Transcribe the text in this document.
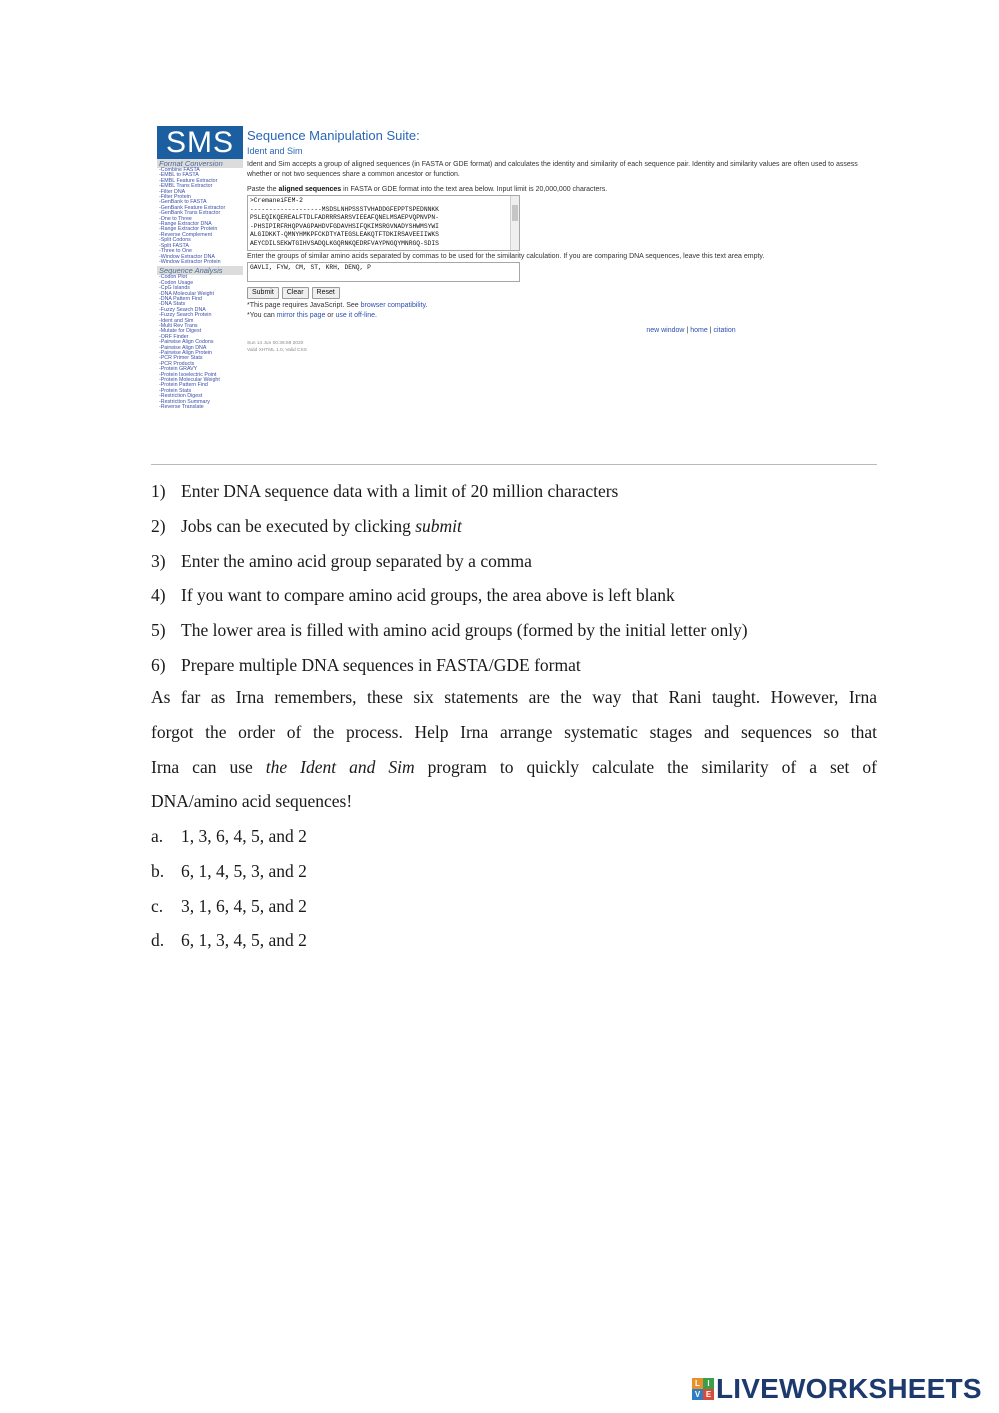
SMS
Format Conversion
-Combine FASTA
-EMBL to FASTA
-EMBL Feature Extractor
-EMBL Trans Extractor
-Filter DNA
-Filter Protein
-GenBank to FASTA
-GenBank Feature Extractor
-GenBank Trans Extractor
-One to Three
-Range Extractor DNA
-Range Extractor Protein
-Reverse Complement
-Split Codons
-Split FASTA
-Three to One
-Window Extractor DNA
-Window Extractor Protein
Sequence Analysis
-Codon Plot
-Codon Usage
-CpG Islands
-DNA Molecular Weight
-DNA Pattern Find
-DNA Stats
-Fuzzy Search DNA
-Fuzzy Search Protein
-Ident and Sim
-Multi Rev Trans
-Mutate for Digest
-ORF Finder
-Pairwise Align Codons
-Pairwise Align DNA
-Pairwise Align Protein
-PCR Primer Stats
-PCR Products
-Protein GRAVY
-Protein Isoelectric Point
-Protein Molecular Weight
-Protein Pattern Find
-Protein Stats
-Restriction Digest
-Restriction Summary
-Reverse Translate
Sequence Manipulation Suite:
Ident and Sim
Ident and Sim accepts a group of aligned sequences (in FASTA or GDE format) and calculates the identity and similarity of each sequence pair. Identity and similarity values are often used to assess whether or not two sequences share a common ancestor or function.
Paste the aligned sequences in FASTA or GDE format into the text area below. Input limit is 20,000,000 characters.
>CremaneiFEM-2
-------------------MSDSLNHPSSSTVHADDGFEPPTSPEDNNKK
PSLEQIKQEREALFTDLFADRRRSARSVIEEAFQNELMSAEPVQPNVPN-
-PHSIPIRFRHQPVAGPAHDVFGDAVHSIFQKIMSRGVNADYSHWMSYWI
ALGIDKKT-QMNYHMKPFCKDTYATEGSLEAKQTFTDKIRSAVEEIIWKS
AEYCDILSEKWTGIHVSADQLKGQRNKQEDRFVAYPNGQYMNRGQ-SDIS
Enter the groups of similar amino acids separated by commas to be used for the similarity calculation. If you are comparing DNA sequences, leave this text area empty.
GAVLI, FYW, CM, ST, KRH, DENQ, P
Submit	Clear	Reset
*This page requires JavaScript. See browser compatibility.
*You can mirror this page or use it off-line.
new window | home | citation
Sun 14 Jun 00:36:59 2020
Valid XHTML 1.0, Valid CSS
1) Enter DNA sequence data with a limit of 20 million characters
2) Jobs can be executed by clicking submit
3) Enter the amino acid group separated by a comma
4) If you want to compare amino acid groups, the area above is left blank
5) The lower area is filled with amino acid groups (formed by the initial letter only)
6) Prepare multiple DNA sequences in FASTA/GDE format
As far as Irna remembers, these six statements are the way that Rani taught. However, Irna
forgot the order of the process. Help Irna arrange systematic stages and sequences so that
Irna can use the Ident and Sim program to quickly calculate the similarity of a set of
DNA/amino acid sequences!
a. 1, 3, 6, 4, 5, and 2
b. 6, 1, 4, 5, 3, and 2
c. 3, 1, 6, 4, 5, and 2
d. 6, 1, 3, 4, 5, and 2
L I
V E LIVEWORKSHEETS
